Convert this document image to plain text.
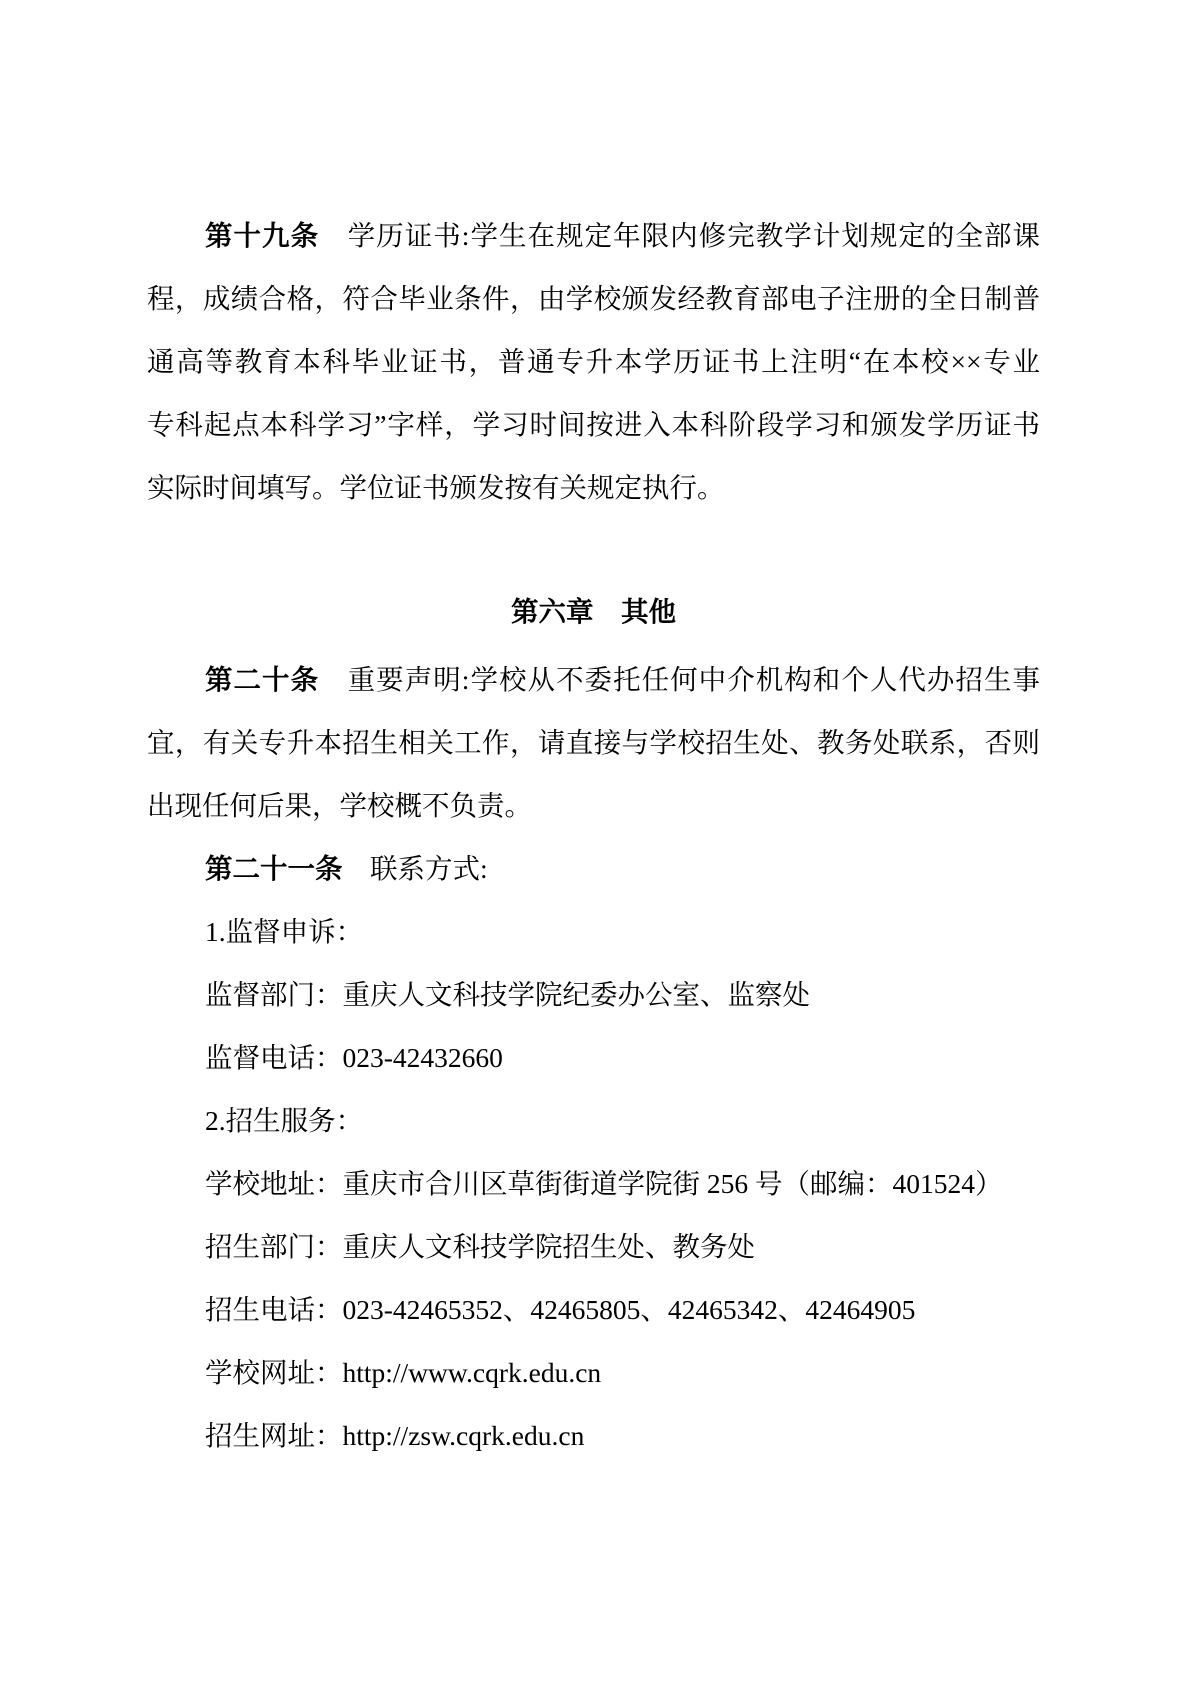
第十九条　学历证书:学生在规定年限内修完教学计划规定的全部课
程，成绩合格，符合毕业条件，由学校颁发经教育部电子注册的全日制普
通高等教育本科毕业证书，普通专升本学历证书上注明“在本校××专业
专科起点本科学习”字样，学习时间按进入本科阶段学习和颁发学历证书
实际时间填写。学位证书颁发按有关规定执行。
第六章　其他
第二十条　重要声明:学校从不委托任何中介机构和个人代办招生事
宜，有关专升本招生相关工作，请直接与学校招生处、教务处联系，否则
出现任何后果，学校概不负责。
第二十一条　联系方式:
1.监督申诉：
监督部门：重庆人文科技学院纪委办公室、监察处
监督电话：023-42432660
2.招生服务：
学校地址：重庆市合川区草街街道学院街 256 号（邮编：401524）
招生部门：重庆人文科技学院招生处、教务处
招生电话：023-42465352、42465805、42465342、42464905
学校网址：http://www.cqrk.edu.cn
招生网址：http://zsw.cqrk.edu.cn
